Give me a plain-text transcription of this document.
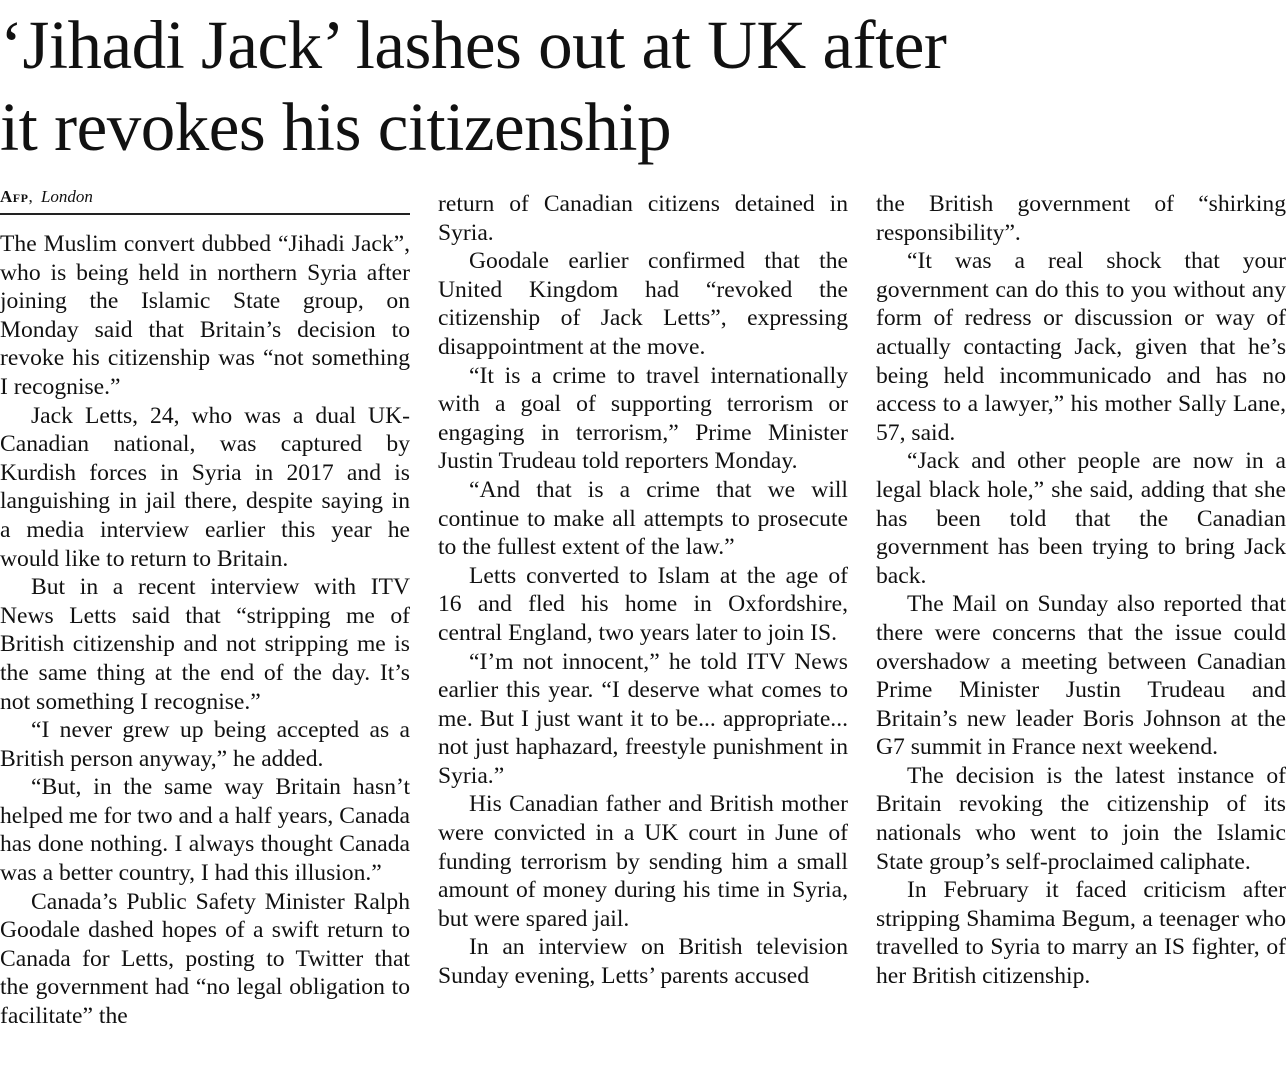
‘Jihadi Jack’ lashes out at UK after
it revokes his citizenship
Afp, London

The Muslim convert dubbed “Jihadi Jack”, who is being held in northern Syria after joining the Islamic State group, on Monday said that Britain’s decision to revoke his citizenship was “not something I recognise.”

Jack Letts, 24, who was a dual UK-Canadian national, was captured by Kurdish forces in Syria in 2017 and is languishing in jail there, despite saying in a media interview earlier this year he would like to return to Britain.

But in a recent interview with ITV News Letts said that “stripping me of British citizenship and not stripping me is the same thing at the end of the day. It’s not something I recognise.”

“I never grew up being accepted as a British person anyway,” he added.

“But, in the same way Britain hasn’t helped me for two and a half years, Canada has done nothing. I always thought Canada was a better country, I had this illusion.”

Canada’s Public Safety Minister Ralph Goodale dashed hopes of a swift return to Canada for Letts, posting to Twitter that the government had “no legal obligation to facilitate” the

return of Canadian citizens detained in Syria.

Goodale earlier confirmed that the United Kingdom had “revoked the citizenship of Jack Letts”, expressing disappointment at the move.

“It is a crime to travel internationally with a goal of supporting terrorism or engaging in terrorism,” Prime Minister Justin Trudeau told reporters Monday.

“And that is a crime that we will continue to make all attempts to prosecute to the fullest extent of the law.”

Letts converted to Islam at the age of 16 and fled his home in Oxfordshire, central England, two years later to join IS.

“I’m not innocent,” he told ITV News earlier this year. “I deserve what comes to me. But I just want it to be... appropriate... not just haphazard, freestyle punishment in Syria.”

His Canadian father and British mother were convicted in a UK court in June of funding terrorism by sending him a small amount of money during his time in Syria, but were spared jail.

In an interview on British television Sunday evening, Letts’ parents accused

the British government of “shirking responsibility”.

“It was a real shock that your government can do this to you without any form of redress or discussion or way of actually contacting Jack, given that he’s being held incommunicado and has no access to a lawyer,” his mother Sally Lane, 57, said.

“Jack and other people are now in a legal black hole,” she said, adding that she has been told that the Canadian government has been trying to bring Jack back.

The Mail on Sunday also reported that there were concerns that the issue could overshadow a meeting between Canadian Prime Minister Justin Trudeau and Britain’s new leader Boris Johnson at the G7 summit in France next weekend.

The decision is the latest instance of Britain revoking the citizenship of its nationals who went to join the Islamic State group’s self-proclaimed caliphate.

In February it faced criticism after stripping Shamima Begum, a teenager who travelled to Syria to marry an IS fighter, of her British citizenship.
